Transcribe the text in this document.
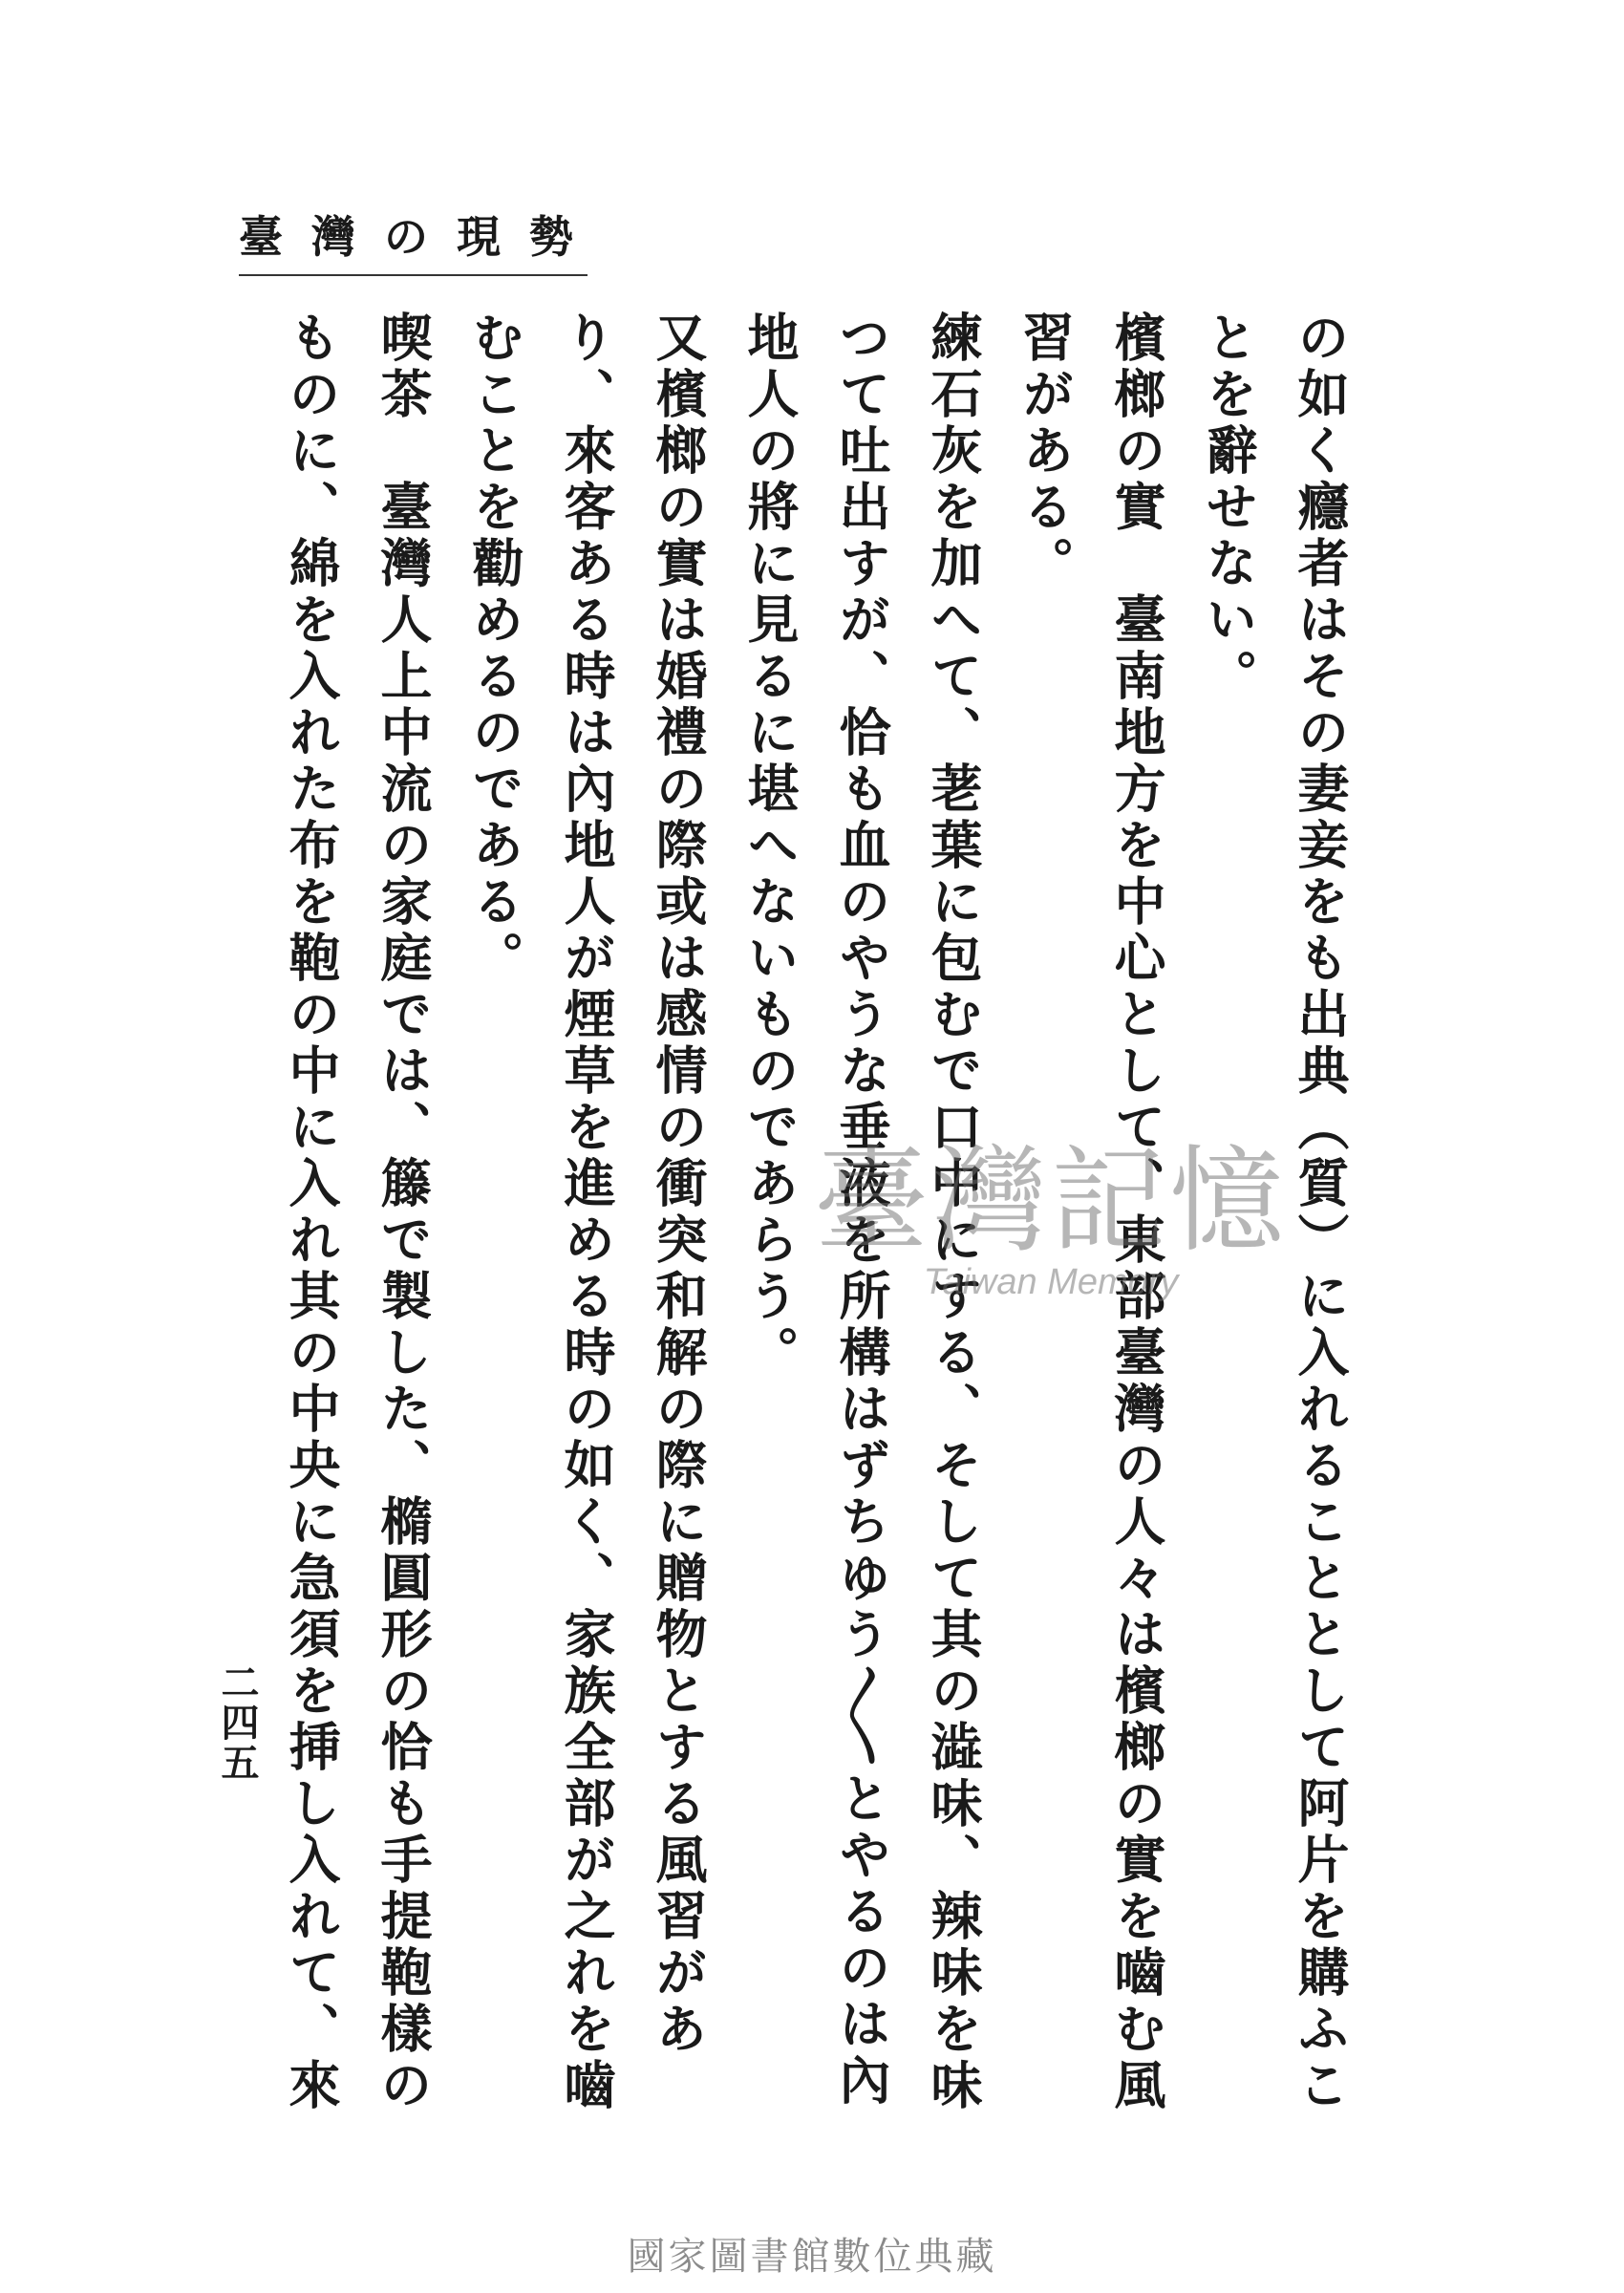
臺灣の現勢

の如く癮者はその妻妾をも出典（質）に入れることとして阿片を購ふことを辭せない。

檳榔の實　臺南地方を中心として、東部臺灣の人々は檳榔の實を嚙む風習がある。

練石灰を加へて、荖葉に包むで口中にする、そして其の澁味、辣味を味つて吐出すが、恰も血のやうな垂液を所構はずちゆう〳〵とやるのは內地人の將に見るに堪へないものであらう。

又檳榔の實は婚禮の際或は感情の衝突和解の際に贈物とする風習があり、來客ある時は內地人が煙草を進める時の如く、家族全部が之れを嚙むことを勸めるのである。

喫茶　臺灣人上中流の家庭では、籐で製した、橢圓形の恰も手提鞄樣のものに、綿を入れた布を鞄の中に入れ其の中央に急須を挿し入れて、來

二四五
臺灣記憶
Taiwan Memory
國家圖書館數位典藏
